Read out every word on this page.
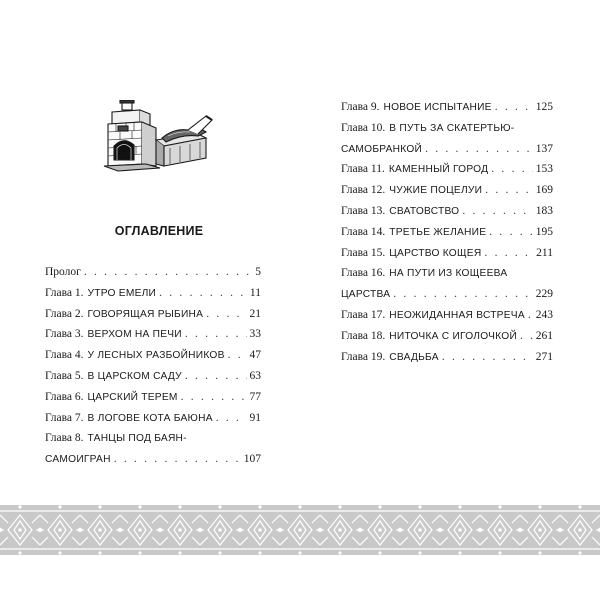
ОГЛАВЛЕНИЕ
Пролог . . .	5
Глава 1. УТРО ЕМЕЛИ . . .	11
Глава 2. ГОВОРЯЩАЯ РЫБИНА . . .	21
Глава 3. ВЕРХОМ НА ПЕЧИ . . .	33
Глава 4. У ЛЕСНЫХ РАЗБОЙНИКОВ . . . 47
Глава 5. В ЦАРСКОМ САДУ . . .	63
Глава 6. ЦАРСКИЙ ТЕРЕМ . . .	77
Глава 7. В ЛОГОВЕ КОТА БАЮНА . . .	91
Глава 8. ТАНЦЫ ПОД БАЯН-
САМОИГРАН . . .	107
Глава 9. НОВОЕ ИСПЫТАНИЕ . . .	125
Глава 10. В ПУТЬ ЗА СКАТЕРТЬЮ-
САМОБРАНКОЙ . . .	137
Глава 11. КАМЕННЫЙ ГОРОД . . .	153
Глава 12. ЧУЖИЕ ПОЦЕЛУИ . . .	169
Глава 13. СВАТОВСТВО . . .	183
Глава 14. ТРЕТЬЕ ЖЕЛАНИЕ . . .	195
Глава 15. ЦАРСТВО КОЩЕЯ . . .	211
Глава 16. НА ПУТИ ИЗ КОЩЕЕВА
ЦАРСТВА . . .	229
Глава 17. НЕОЖИДАННАЯ ВСТРЕЧА . . . 243
Глава 18. НИТОЧКА С ИГОЛОЧКОЙ . . . 261
Глава 19. СВАДЬБА . . .	271
